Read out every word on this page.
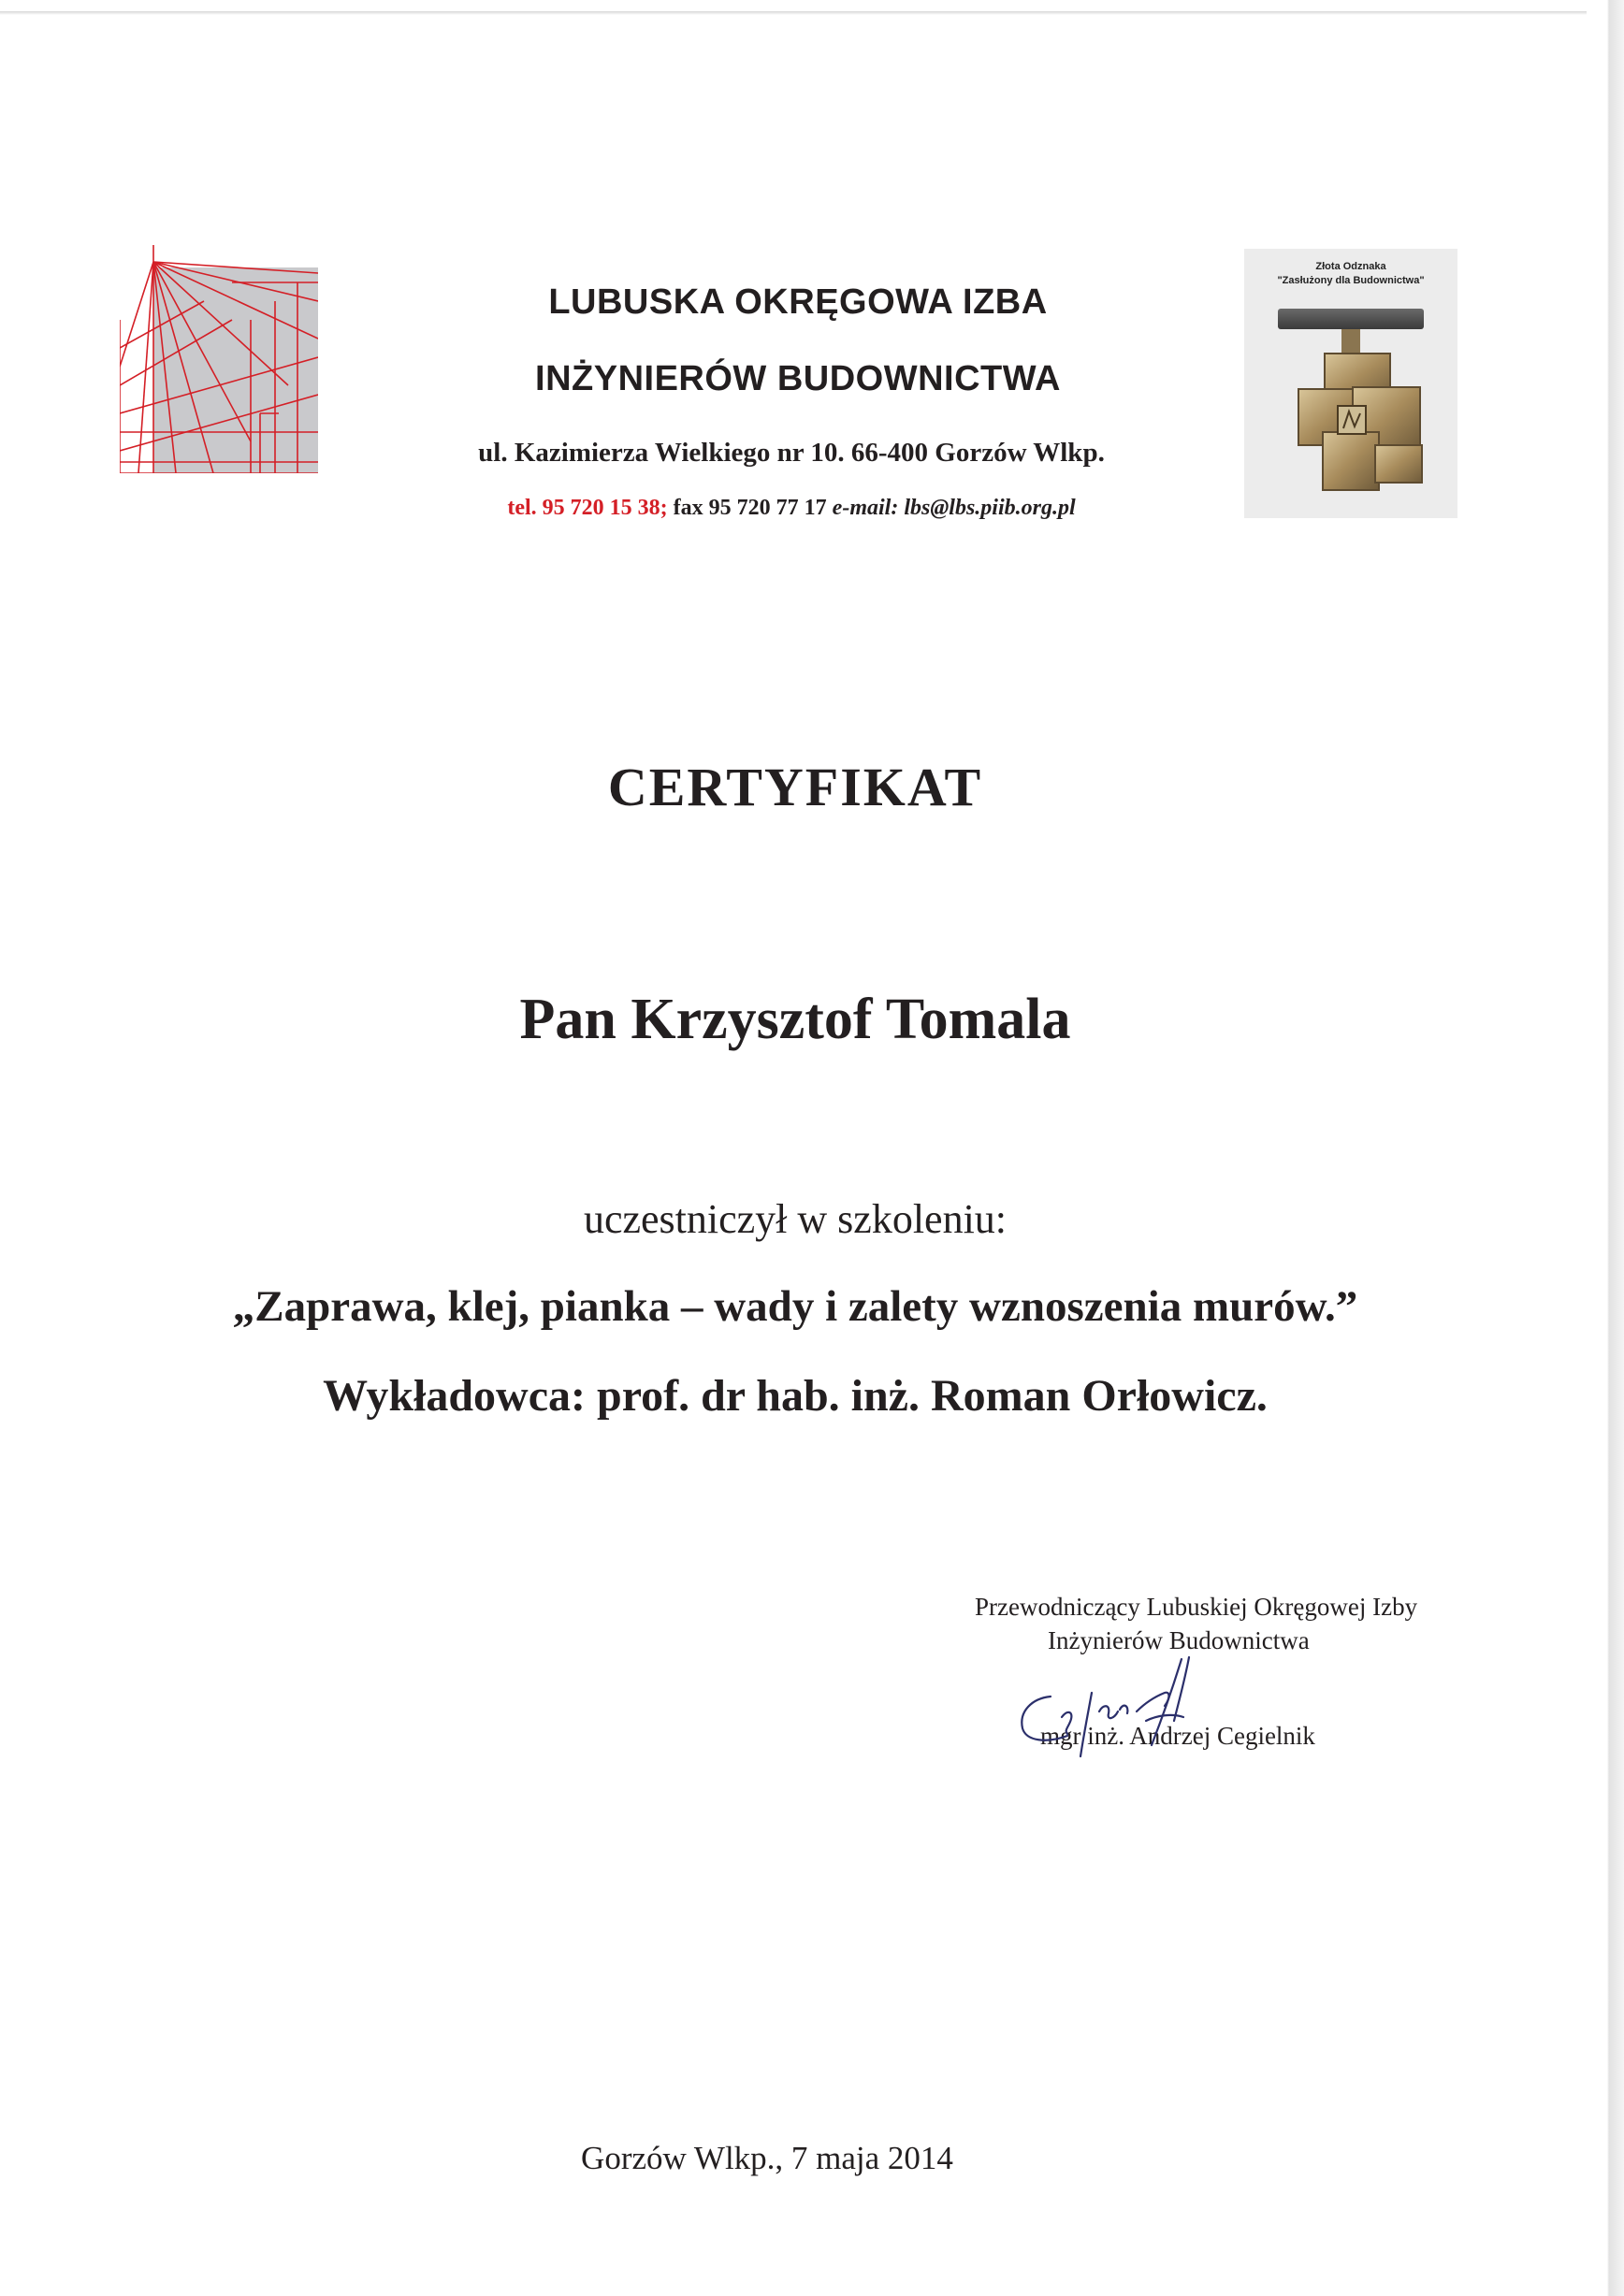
Złota Odznaka
"Zasłużony dla Budownictwa"
LUBUSKA OKRĘGOWA IZBA
INŻYNIERÓW BUDOWNICTWA
ul. Kazimierza Wielkiego nr 10. 66-400 Gorzów Wlkp.
tel. 95 720 15 38; fax 95 720 77 17 e-mail: lbs@lbs.piib.org.pl
CERTYFIKAT
Pan Krzysztof Tomala
uczestniczył w szkoleniu:
„Zaprawa, klej, pianka – wady i zalety wznoszenia murów.”
Wykładowca: prof. dr hab. inż. Roman Orłowicz.
Przewodniczący Lubuskiej Okręgowej Izby
Inżynierów Budownictwa
mgr inż. Andrzej Cegielnik
Gorzów Wlkp., 7 maja 2014
